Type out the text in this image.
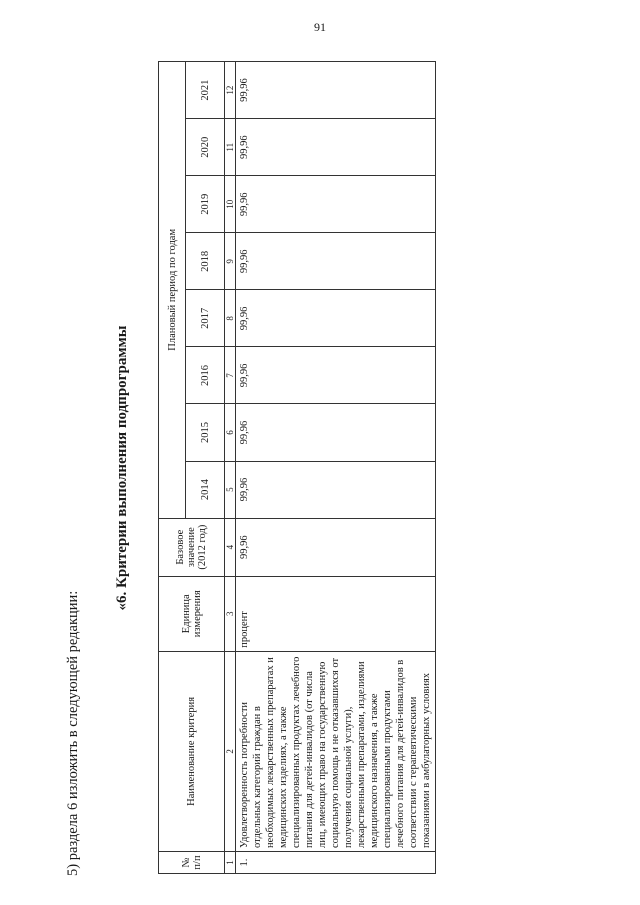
91
5) раздела 6 изложить в следующей редакции:
«6. Критерии выполнения подпрограммы
№ п/п	Наименование критерия	Единица измерения	Базовое значение (2012 год)	Плановый период по годам							
				2014	2015	2016	2017	2018	2019	2020	2021
1	2	3	4	5	6	7	8	9	10	11	12
1.	Удовлетворенность потребности отдельных категорий граждан в необходимых лекарственных препаратах и медицинских изделиях, а также специализированных продуктах лечебного питания для детей-инвалидов (от числа лиц, имеющих право на государственную социальную помощь и не отказавшихся от получения социальной услуги), лекарственными препаратами, изделиями медицинского назначения, а также специализированными продуктами лечебного питания для детей-инвалидов в соответствии с терапевтическими показаниями в амбулаторных условиях	процент	99,96	99,96	99,96	99,96	99,96	99,96	99,96	99,96	99,96
